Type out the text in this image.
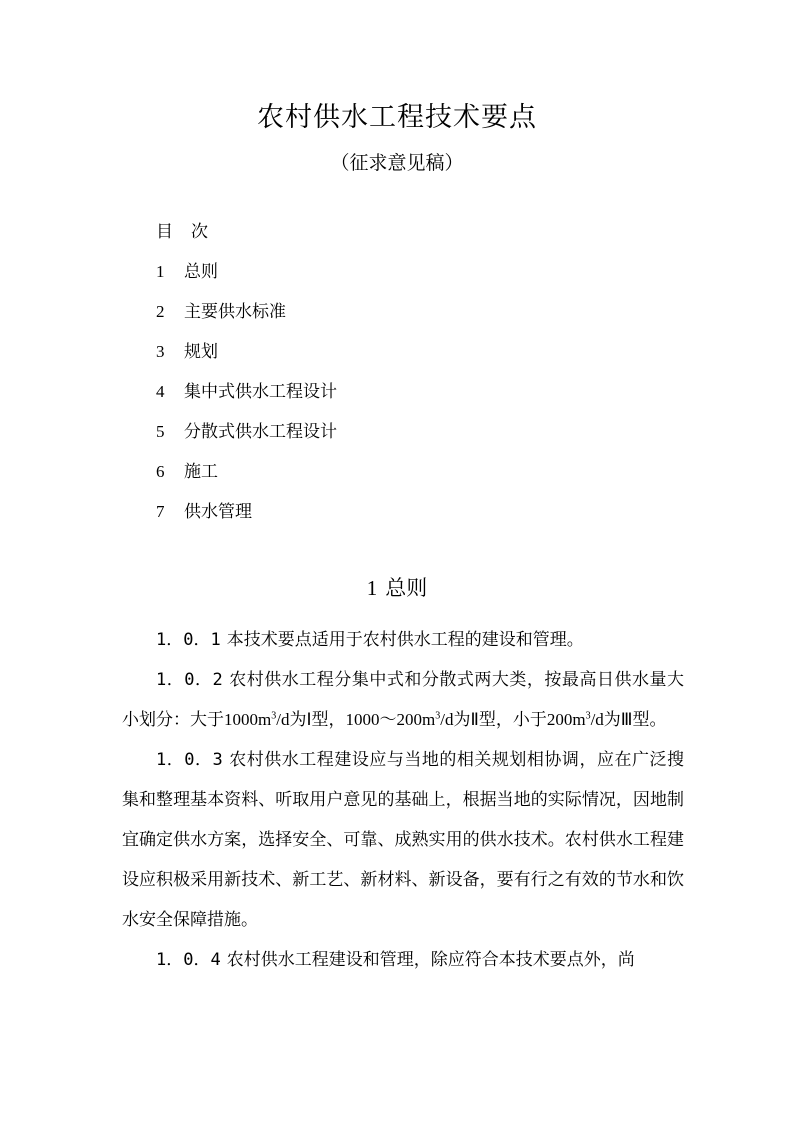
农村供水工程技术要点
（征求意见稿）
目 次
1 总则
2 主要供水标准
3 规划
4 集中式供水工程设计
5 分散式供水工程设计
6 施工
7 供水管理
1 总则

1．0．1 本技术要点适用于农村供水工程的建设和管理。

1．0．2 农村供水工程分集中式和分散式两大类，按最高日供水量大小划分：大于$1000m^3/d$为Ⅰ型，$1000\sim 200m^3/d$为Ⅱ型，小于$200m^3/d$为Ⅲ型。

1．0．3 农村供水工程建设应与当地的相关规划相协调，应在广泛搜集和整理基本资料、听取用户意见的基础上，根据当地的实际情况，因地制宜确定供水方案，选择安全、可靠、成熟实用的供水技术。农村供水工程建设应积极采用新技术、新工艺、新材料、新设备，要有行之有效的节水和饮水安全保障措施。

1．0．4 农村供水工程建设和管理，除应符合本技术要点外，尚
